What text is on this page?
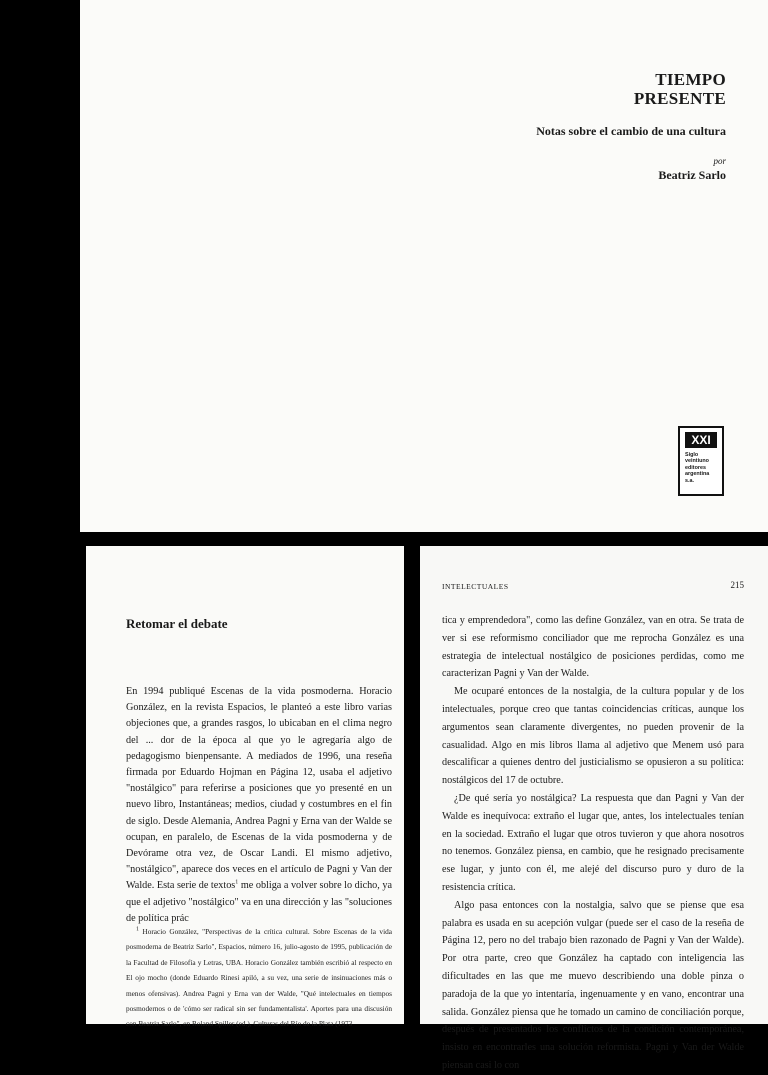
TIEMPO
PRESENTE
Notas sobre el cambio de una cultura
por
Beatriz Sarlo
XXI
Siglo
veintiuno
editores
argentina
s.a.
Retomar el debate

En 1994 publiqué Escenas de la vida posmoderna. Horacio González, en la revista Espacios, le planteó a este libro varias objeciones que, a grandes rasgos, lo ubicaban en el clima negro del ... dor de la época al que yo le agregaría algo de pedagogismo bienpensante. A mediados de 1996, una reseña firmada por Eduardo Hojman en Página 12, usaba el adjetivo "nostálgico" para referirse a posiciones que yo presenté en un nuevo libro, Instantáneas; medios, ciudad y costumbres en el fin de siglo. Desde Alemania, Andrea Pagni y Erna van der Walde se ocupan, en paralelo, de Escenas de la vida posmoderna y de Devórame otra vez, de Oscar Landi. El mismo adjetivo, "nostálgico", aparece dos veces en el artículo de Pagni y Van der Walde. Esta serie de textos$^1$ me obliga a volver sobre lo dicho, ya que el adjetivo "nostálgico" va en una dirección y las "soluciones de política prác

$^1$ Horacio González, "Perspectivas de la crítica cultural. Sobre Escenas de la vida posmoderna de Beatriz Sarlo", Espacios, número 16, julio-agosto de 1995, publicación de la Facultad de Filosofía y Letras, UBA. Horacio González también escribió al respecto en El ojo mocho (donde Eduardo Rinesi apiló, a su vez, una serie de insinuaciones más o menos ofensivas). Andrea Pagni y Erna van der Walde, "Qué intelectuales en tiempos posmodernos o de 'cómo ser radical sin ser fundamentalista'. Aportes para una discusión con Beatriz Sarlo", en Roland Spiller (ed.), Culturas del Río de la Plata (1973

INTELECTUALES	215

tica y emprendedora", como las define González, van en otra. Se trata de ver si ese reformismo conciliador que me reprocha González es una estrategia de intelectual nostálgico de posiciones perdidas, como me caracterizan Pagni y Van der Walde.

Me ocuparé entonces de la nostalgia, de la cultura popular y de los intelectuales, porque creo que tantas coincidencias críticas, aunque los argumentos sean claramente divergentes, no pueden provenir de la casualidad. Algo en mis libros llama al adjetivo que Menem usó para descalificar a quienes dentro del justicialismo se opusieron a su política: nostálgicos del 17 de octubre.

¿De qué sería yo nostálgica? La respuesta que dan Pagni y Van der Walde es inequívoca: extraño el lugar que, antes, los intelectuales tenían en la sociedad. Extraño el lugar que otros tuvieron y que ahora nosotros no tenemos. González piensa, en cambio, que he resignado precisamente ese lugar, y junto con él, me alejé del discurso puro y duro de la resistencia crítica.

Algo pasa entonces con la nostalgia, salvo que se piense que esa palabra es usada en su acepción vulgar (puede ser el caso de la reseña de Página 12, pero no del trabajo bien razonado de Pagni y Van der Walde). Por otra parte, creo que González ha captado con inteligencia las dificultades en las que me muevo describiendo una doble pinza o paradoja de la que yo intentaría, ingenuamente y en vano, encontrar una salida. González piensa que he tomado un camino de conciliación porque, después de presentados los conflictos de la condición contemporánea, insisto en encontrarles una solución reformista. Pagni y Van der Walde piensan casi lo con
